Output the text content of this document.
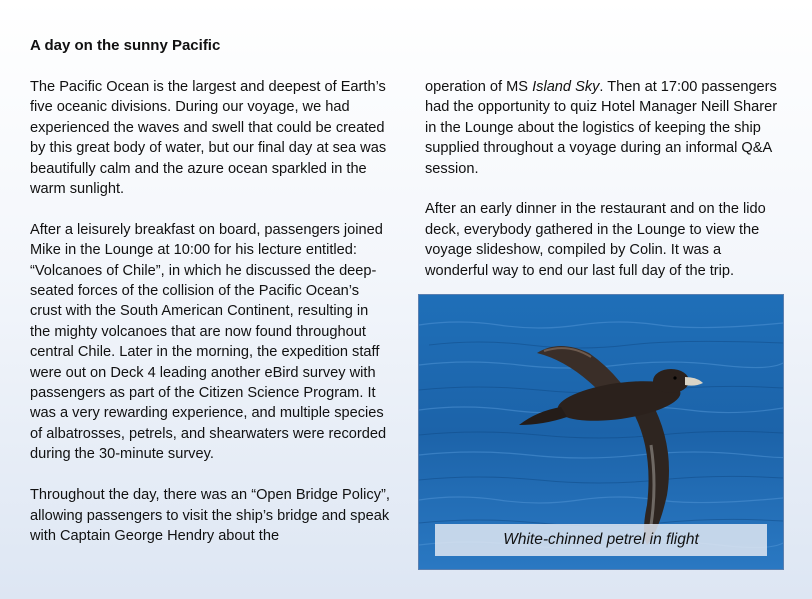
A day on the sunny Pacific

The Pacific Ocean is the largest and deepest of Earth’s five oceanic divisions. During our voyage, we had experienced the waves and swell that could be created by this great body of water, but our final day at sea was beautifully calm and the azure ocean sparkled in the warm sunlight.

After a leisurely breakfast on board, passengers joined Mike in the Lounge at 10:00 for his lecture entitled: “Volcanoes of Chile”, in which he discussed the deep-seated forces of the collision of the Pacific Ocean’s crust with the South American Continent, resulting in the mighty volcanoes that are now found throughout central Chile. Later in the morning, the expedition staff were out on Deck 4 leading another eBird survey with passengers as part of the Citizen Science Program. It was a very rewarding experience, and multiple species of albatrosses, petrels, and shearwaters were recorded during the 30-minute survey.

Throughout the day, there was an “Open Bridge Policy”, allowing passengers to visit the ship’s bridge and speak with Captain George Hendry about the

operation of MS Island Sky. Then at 17:00 passengers had the opportunity to quiz Hotel Manager Neill Sharer in the Lounge about the logistics of keeping the ship supplied throughout a voyage during an informal Q&A session.

After an early dinner in the restaurant and on the lido deck, everybody gathered in the Lounge to view the voyage slideshow, compiled by Colin. It was a wonderful way to end our last full day of the trip.

White-chinned petrel in flight
